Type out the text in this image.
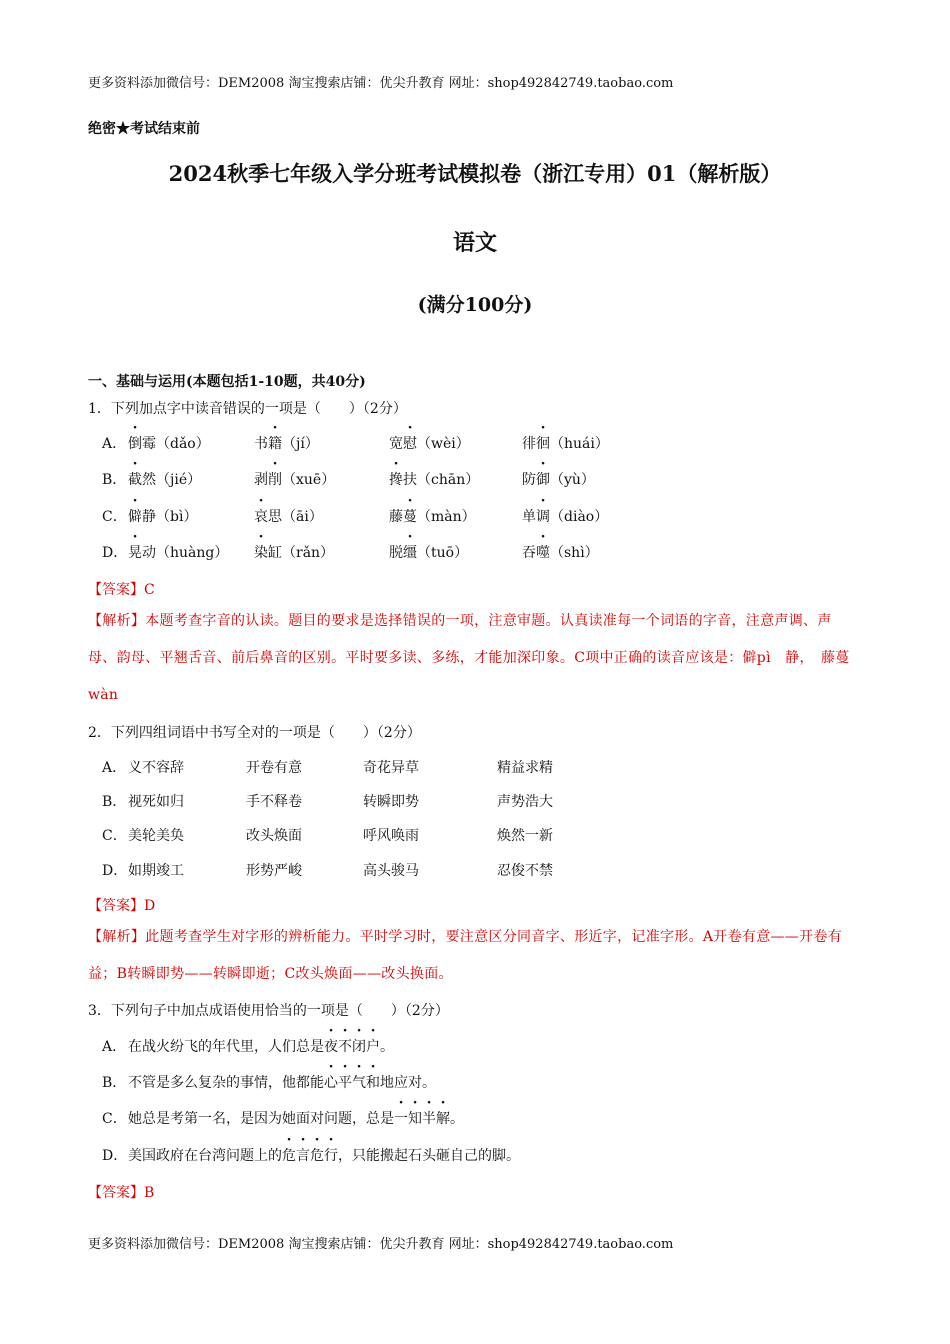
更多资料添加微信号：DEM2008 淘宝搜索店铺：优尖升教育 网址：shop492842749.taobao.com
绝密★考试结束前
2024秋季七年级入学分班考试模拟卷（浙江专用）01（解析版）
语文
(满分100分)
一、基础与运用(本题包括1-10题，共40分)
1．下列加点字中读音错误的一项是（　　）（2分）
A． 倒霉（dǎo）	书籍（jí）	宽慰（wèi）	徘徊（huái）
B． 截然（jié）	剥削（xuē）	搀扶（chān）	防御（yù）
C． 僻静（bì）	哀思（āi）	藤蔓（màn）	单调（diào）
D． 晃动（huàng） 染缸（rǎn）	脱缰（tuō）	吞噬（shì）
【答案】C
【解析】本题考查字音的认读。题目的要求是选择错误的一项，注意审题。认真读准每一个词语的字音，注意声调、声母、韵母、平翘舌音、前后鼻音的区别。平时要多读、多练，才能加深印象。C项中正确的读音应该是：僻pì　静，　藤蔓wàn
2．下列四组词语中书写全对的一项是（　　）（2分）
A． 义不容辞	开卷有意	奇花异草	精益求精
B． 视死如归	手不释卷	转瞬即势	声势浩大
C． 美轮美奂	改头焕面	呼风唤雨	焕然一新
D． 如期竣工	形势严峻	高头骏马	忍俊不禁
【答案】D
【解析】此题考查学生对字形的辨析能力。平时学习时，要注意区分同音字、形近字，记准字形。A开卷有意——开卷有益；B转瞬即势——转瞬即逝；C改头焕面——改头换面。
3．下列句子中加点成语使用恰当的一项是（　　）（2分）
A． 在战火纷飞的年代里，人们总是夜不闭户。
B． 不管是多么复杂的事情，他都能心平气和地应对。
C． 她总是考第一名，是因为她面对问题，总是一知半解。
D． 美国政府在台湾问题上的危言危行，只能搬起石头砸自己的脚。
【答案】B
更多资料添加微信号：DEM2008 淘宝搜索店铺：优尖升教育 网址：shop492842749.taobao.com
